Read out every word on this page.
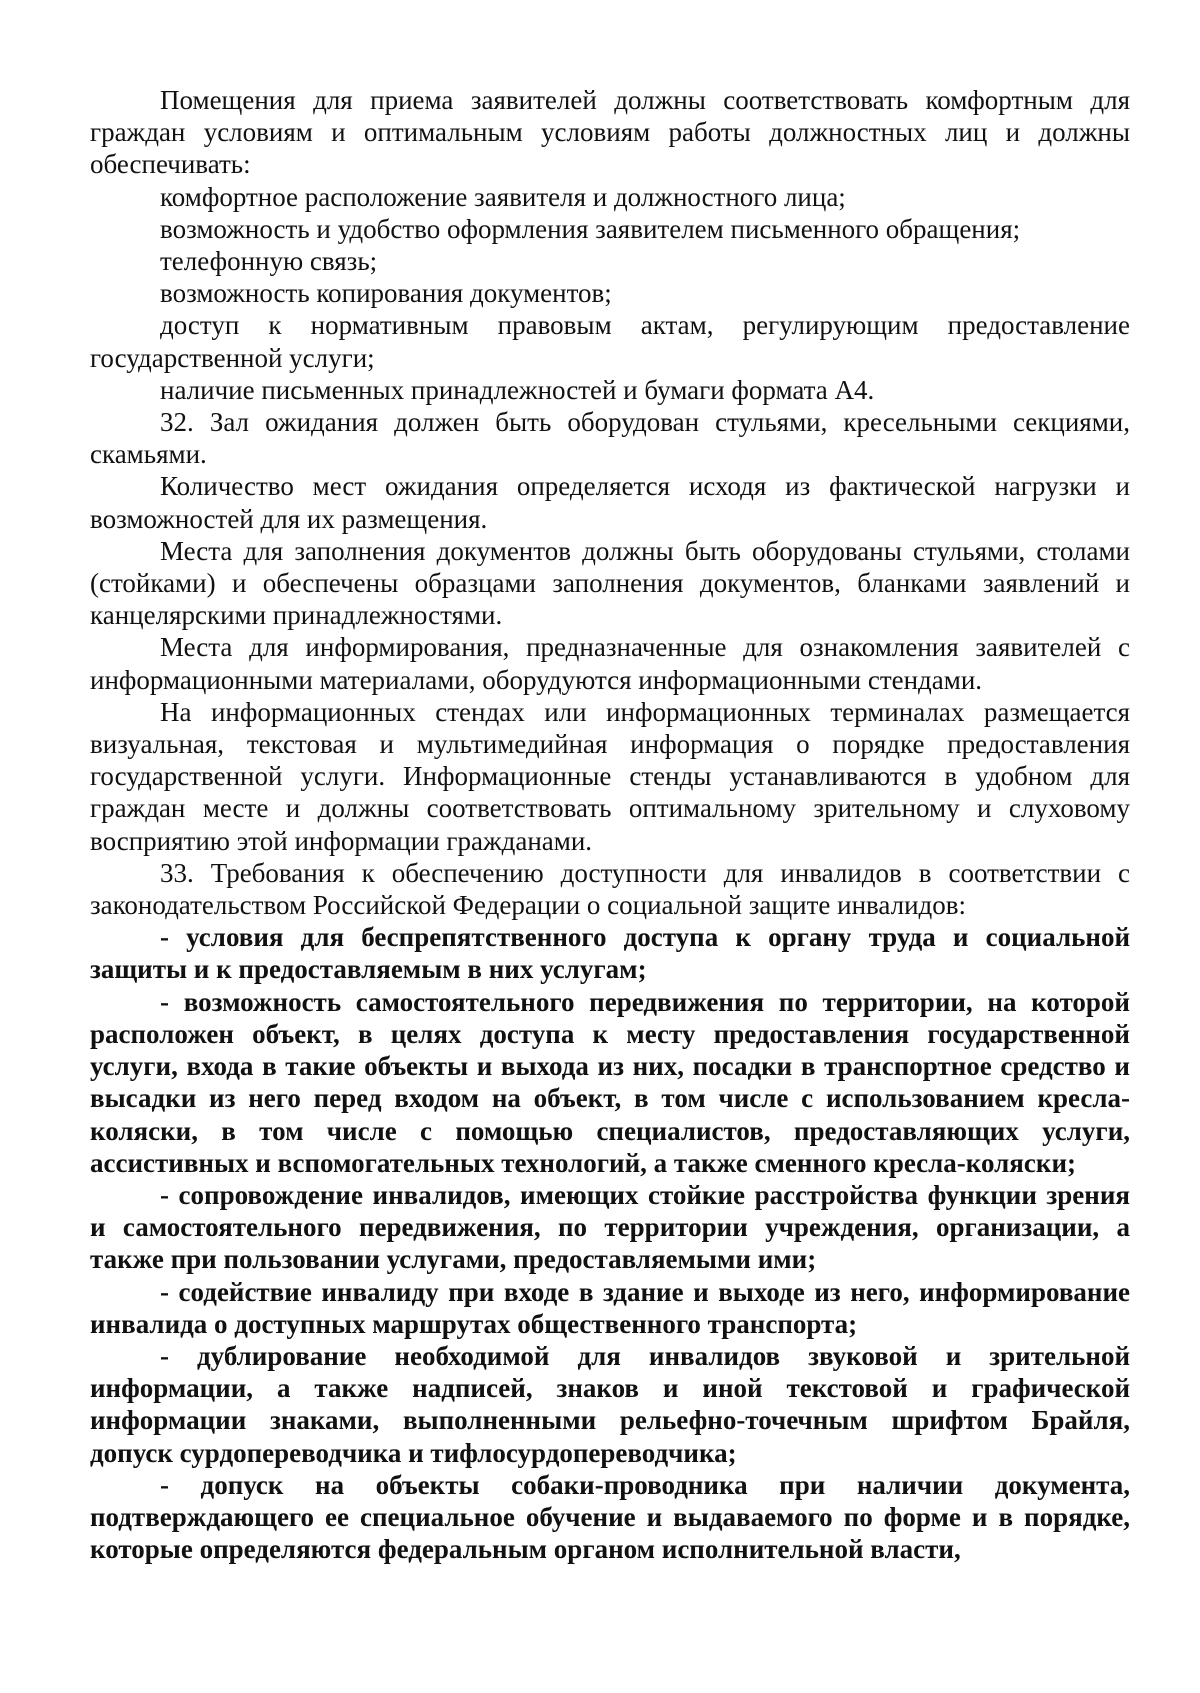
Помещения для приема заявителей должны соответствовать комфортным для граждан условиям и оптимальным условиям работы должностных лиц и должны обеспечивать:

комфортное расположение заявителя и должностного лица;

возможность и удобство оформления заявителем письменного обращения;

телефонную связь;

возможность копирования документов;

доступ к нормативным правовым актам, регулирующим предоставление государственной услуги;

наличие письменных принадлежностей и бумаги формата А4.

32. Зал ожидания должен быть оборудован стульями, кресельными секциями, скамьями.

Количество мест ожидания определяется исходя из фактической нагрузки и возможностей для их размещения.

Места для заполнения документов должны быть оборудованы стульями, столами (стойками) и обеспечены образцами заполнения документов, бланками заявлений и канцелярскими принадлежностями.

Места для информирования, предназначенные для ознакомления заявителей с информационными материалами, оборудуются информационными стендами.

На информационных стендах или информационных терминалах размещается визуальная, текстовая и мультимедийная информация о порядке предоставления государственной услуги. Информационные стенды устанавливаются в удобном для граждан месте и должны соответствовать оптимальному зрительному и слуховому восприятию этой информации гражданами.

33. Требования к обеспечению доступности для инвалидов в соответствии с законодательством Российской Федерации о социальной защите инвалидов:

- условия для беспрепятственного доступа к органу труда и социальной защиты и к предоставляемым в них услугам;

- возможность самостоятельного передвижения по территории, на которой расположен объект, в целях доступа к месту предоставления государственной услуги, входа в такие объекты и выхода из них, посадки в транспортное средство и высадки из него перед входом на объект, в том числе с использованием кресла-коляски, в том числе с помощью специалистов, предоставляющих услуги, ассистивных и вспомогательных технологий, а также сменного кресла-коляски;

- сопровождение инвалидов, имеющих стойкие расстройства функции зрения и самостоятельного передвижения, по территории учреждения, организации, а также при пользовании услугами, предоставляемыми ими;

- содействие инвалиду при входе в здание и выходе из него, информирование инвалида о доступных маршрутах общественного транспорта;

- дублирование необходимой для инвалидов звуковой и зрительной информации, а также надписей, знаков и иной текстовой и графической информации знаками, выполненными рельефно-точечным шрифтом Брайля, допуск сурдопереводчика и тифлосурдопереводчика;

- допуск на объекты собаки-проводника при наличии документа, подтверждающего ее специальное обучение и выдаваемого по форме и в порядке, которые определяются федеральным органом исполнительной власти,
